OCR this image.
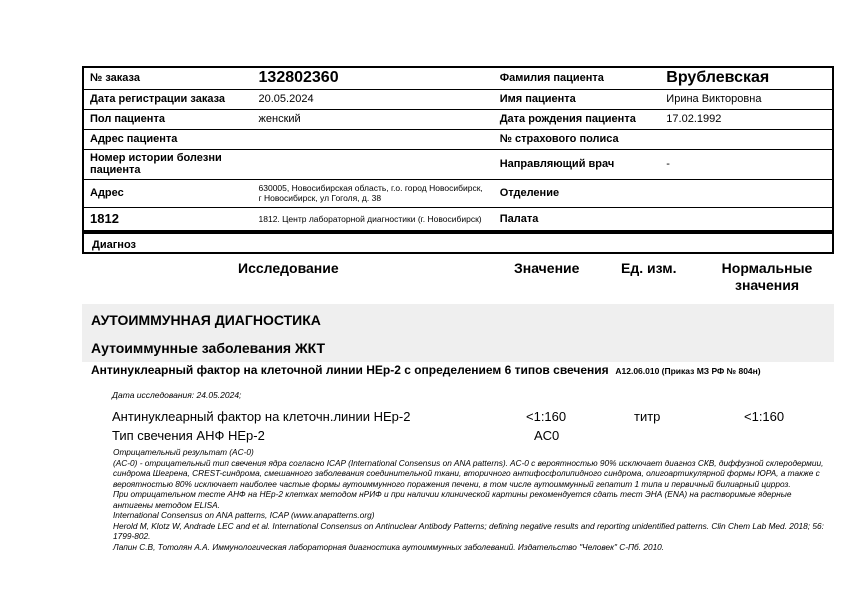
№ заказа	132802360	Фамилия пациента	Врублевская
Дата регистрации заказа	20.05.2024	Имя пациента	Ирина Викторовна
Пол пациента	женский	Дата рождения пациента	17.02.1992
Адрес пациента		№ страхового полиса	
Номер истории болезни пациента		Направляющий врач	-
Адрес	630005, Новосибирская область, г.о. город Новосибирск, г Новосибирск, ул Гоголя, д. 38	Отделение	
1812	1812. Центр лабораторной диагностики (г. Новосибирск)	Палата	
Диагноз
Исследование	Значение	Ед. изм.	Нормальные
значения
АУТОИММУННАЯ ДИАГНОСТИКА
Аутоиммунные заболевания ЖКТ
Антинуклеарный фактор на клеточной линии HEp-2 с определением 6 типов свечения A12.06.010 (Приказ МЗ РФ № 804н)
Дата исследования: 24.05.2024;
Антинуклеарный фактор на клеточн.линии HEp-2	<1:160	титр	<1:160
Тип свечения АНФ HEp-2	AC0
Отрицательный результат (AC-0)
(AC-0) - отрицательный тип свечения ядра согласно ICAP (International Consensus on ANA patterns). AC-0 с вероятностью 90% исключает диагноз СКВ, диффузной склеродермии, синдрома Шегрена, CREST-синдрома, смешанного заболевания соединительной ткани, вторичного антифосфолипидного синдрома, олигоартикулярной формы ЮРА, а также с вероятностью 80% исключает наиболее частые формы аутоиммунного поражения печени, в том числе аутоиммунный гепатит 1 типа и первичный билиарный цирроз.
При отрицательном тесте АНФ на HEp-2 клетках методом нРИФ и при наличии клинической картины рекомендуется сдать тест ЭНА (ENA) на растворимые ядерные антигены методом ELISA.
International Consensus on ANA patterns, ICAP (www.anapatterns.org)
Herold M, Klotz W, Andrade LEC and et al. International Consensus on Antinuclear Antibody Patterns; defining negative results and reporting unidentified patterns. Clin Chem Lab Med. 2018; 56: 1799-802.
Лапин С.В, Тотолян А.А. Иммунологическая лабораторная диагностика аутоиммунных заболеваний. Издательство "Человек" С-Пб. 2010.
